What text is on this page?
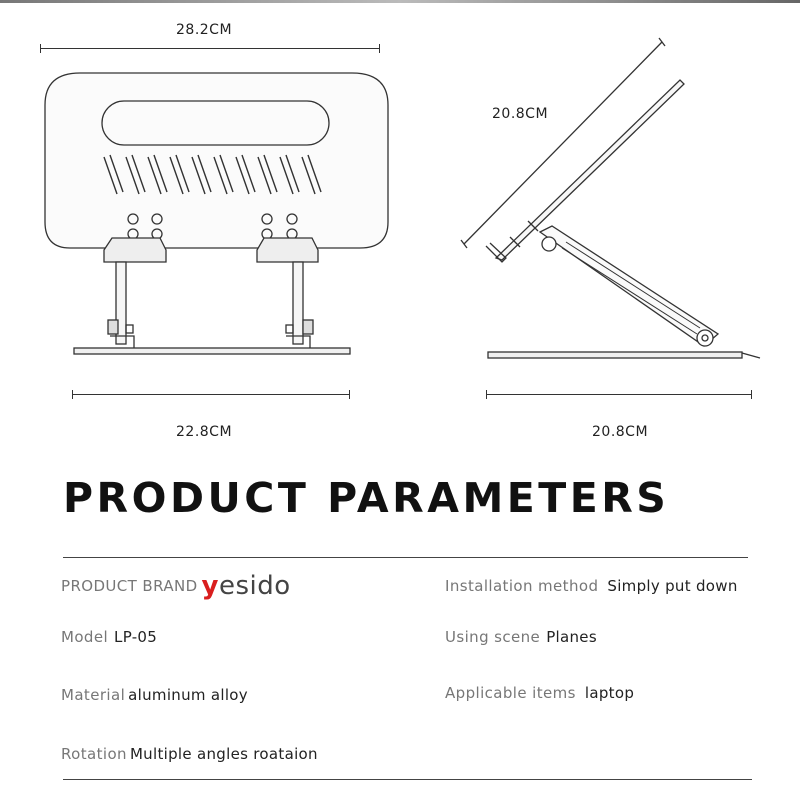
28.2CM
22.8CM
20.8CM
20.8CM
PRODUCT PARAMETERS
PRODUCT BRAND yesido
Model LP-05
Material aluminum alloy
Rotation Multiple angles roataion
Installation method Simply put down
Using scene Planes
Applicable items laptop
